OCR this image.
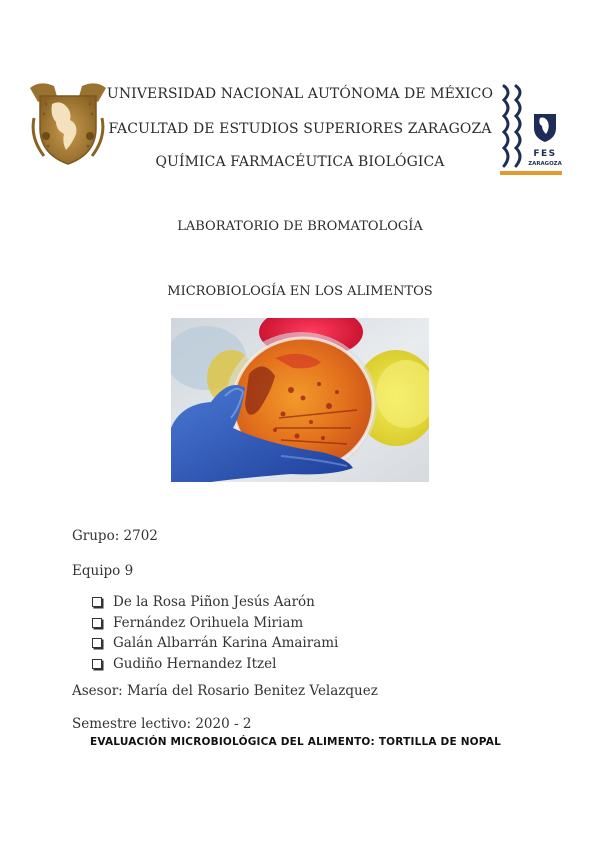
FES
ZARAGOZA
UNIVERSIDAD NACIONAL AUTÓNOMA DE MÉXICO
FACULTAD DE ESTUDIOS SUPERIORES ZARAGOZA
QUÍMICA FARMACÉUTICA BIOLÓGICA
LABORATORIO DE BROMATOLOGÍA
MICROBIOLOGÍA EN LOS ALIMENTOS
Grupo: 2702
Equipo 9
De la Rosa Piñon Jesús Aarón
Fernández Orihuela Miriam
Galán Albarrán Karina Amairami
Gudiño Hernandez Itzel
Asesor: María del Rosario Benitez Velazquez
Semestre lectivo: 2020 - 2
EVALUACIÓN MICROBIOLÓGICA DEL ALIMENTO: TORTILLA DE NOPAL
